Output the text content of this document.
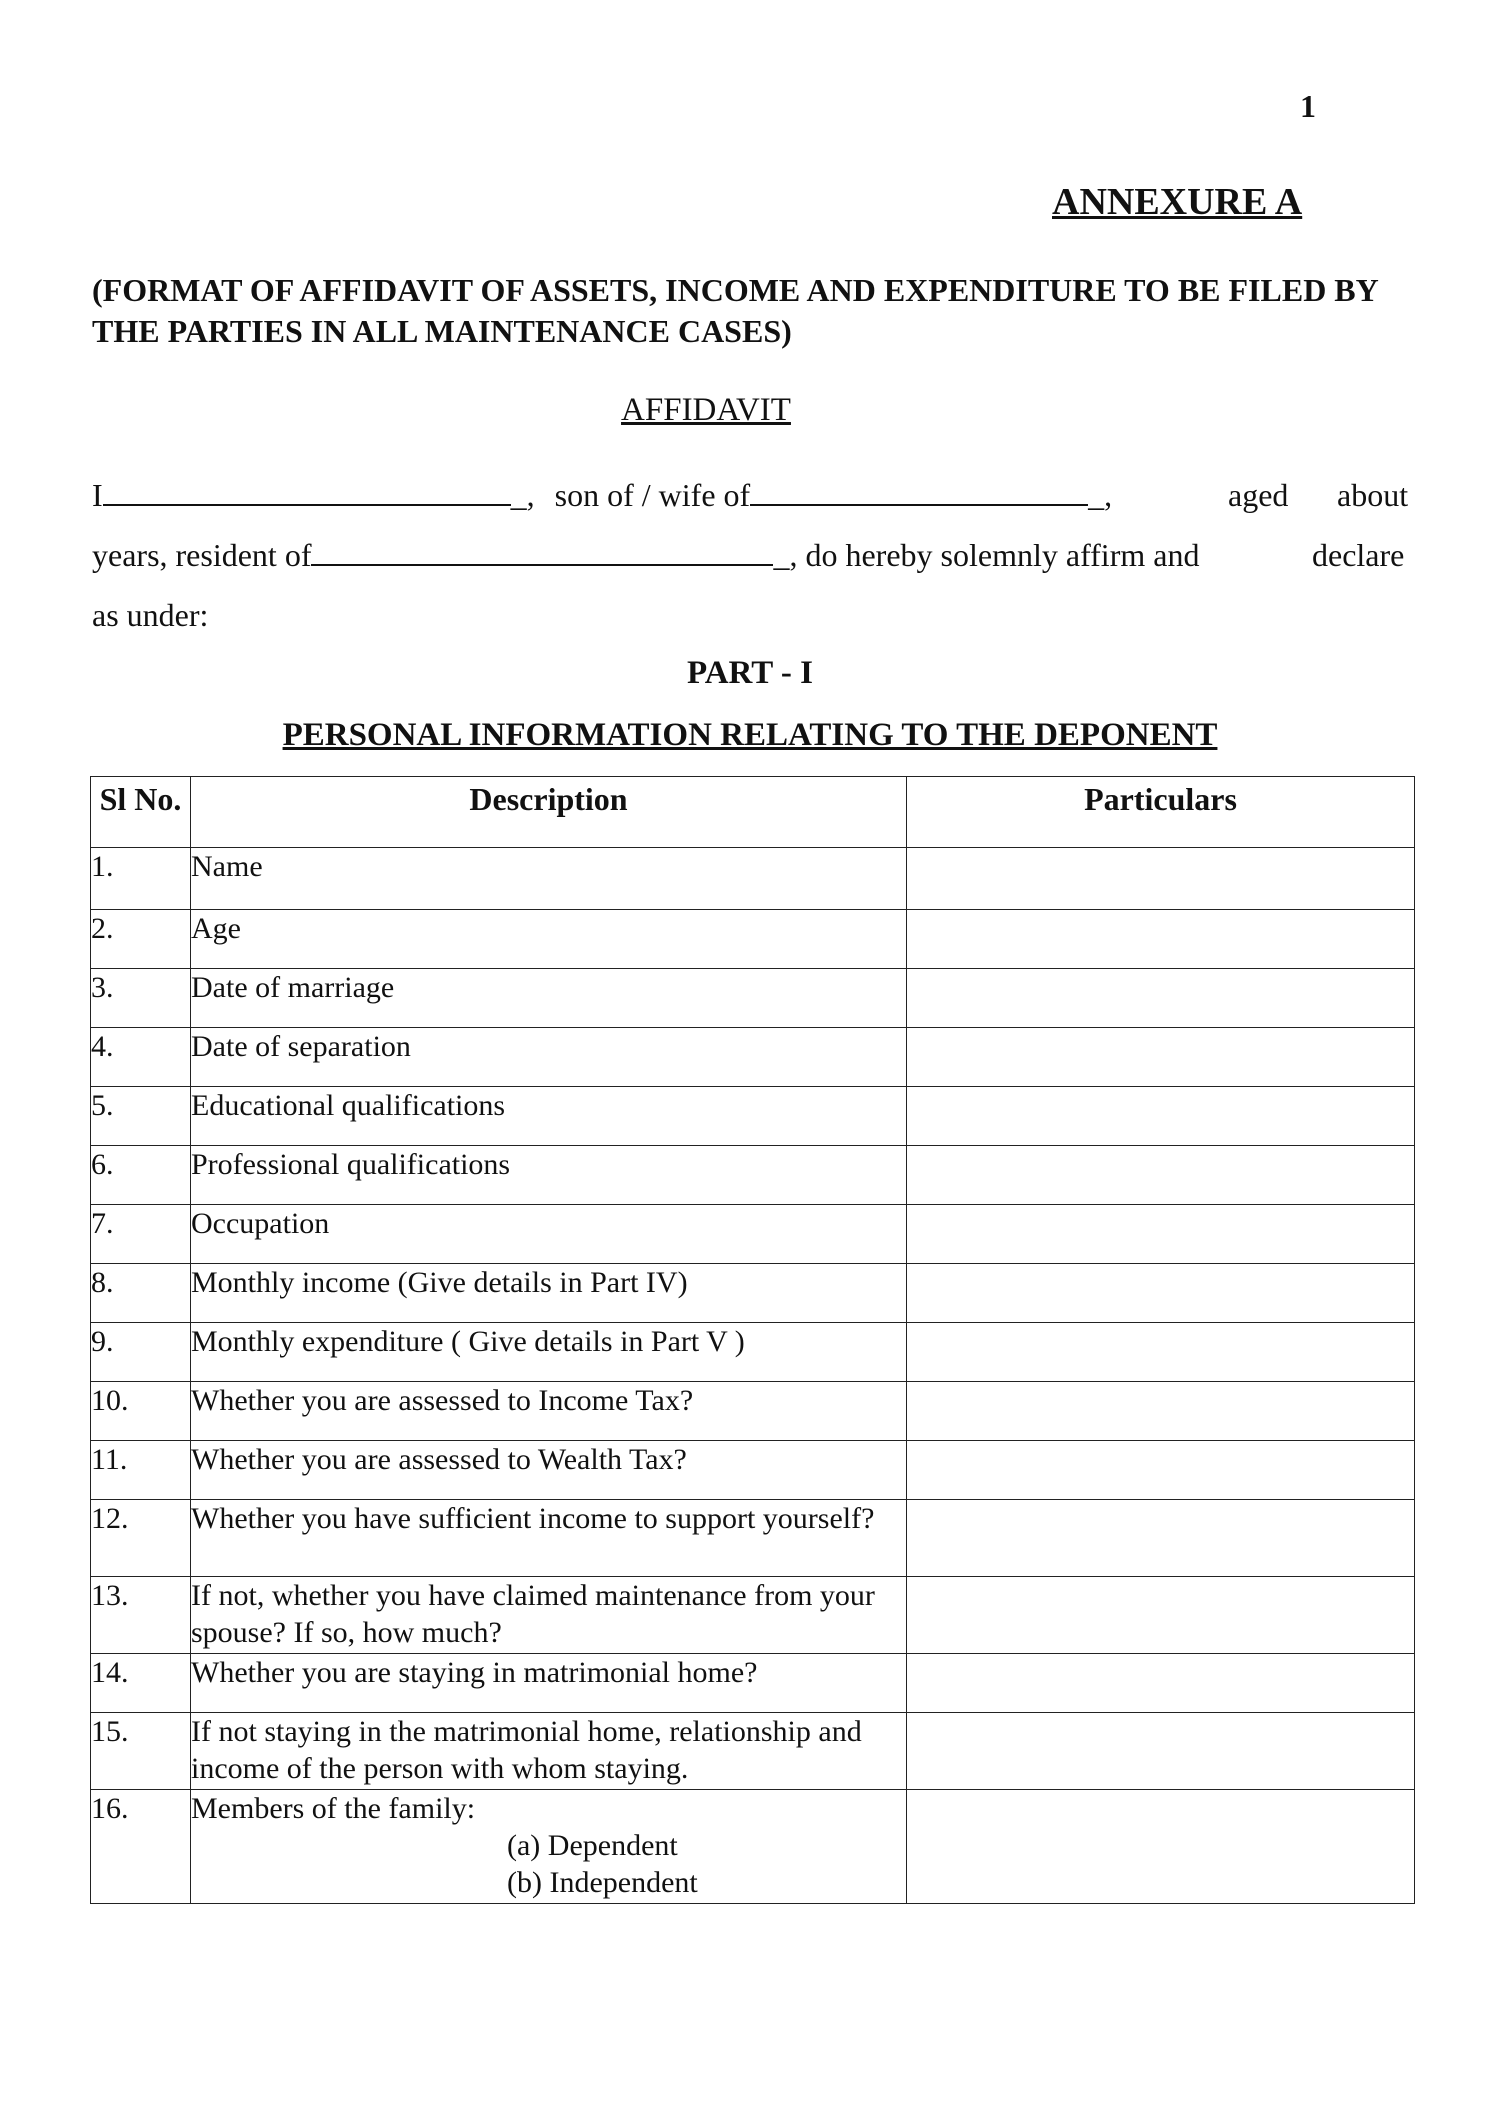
1
ANNEXURE A
(FORMAT OF AFFIDAVIT OF ASSETS, INCOME AND EXPENDITURE TO BE FILED BY THE PARTIES IN ALL MAINTENANCE CASES)
AFFIDAVIT
I	_, son of / wife of	_,	aged about
years, resident of	_, do hereby solemnly affirm and	declare
as under:
PART - I
PERSONAL INFORMATION RELATING TO THE DEPONENT
Sl No.	Description	Particulars
1.	Name	
2.	Age	
3.	Date of marriage	
4.	Date of separation	
5.	Educational qualifications	
6.	Professional qualifications	
7.	Occupation	
8.	Monthly income (Give details in Part IV)	
9.	Monthly expenditure ( Give details in Part V )	
10.	Whether you are assessed to Income Tax?	
11.	Whether you are assessed to Wealth Tax?	
12.	Whether you have sufficient income to support yourself?	
13.	If not, whether you have claimed maintenance from your spouse? If so, how much?	
14.	Whether you are staying in matrimonial home?	
15.	If not staying in the matrimonial home, relationship and income of the person with whom staying.	
16.	Members of the family:
(a) Dependent
(b) Independent	
